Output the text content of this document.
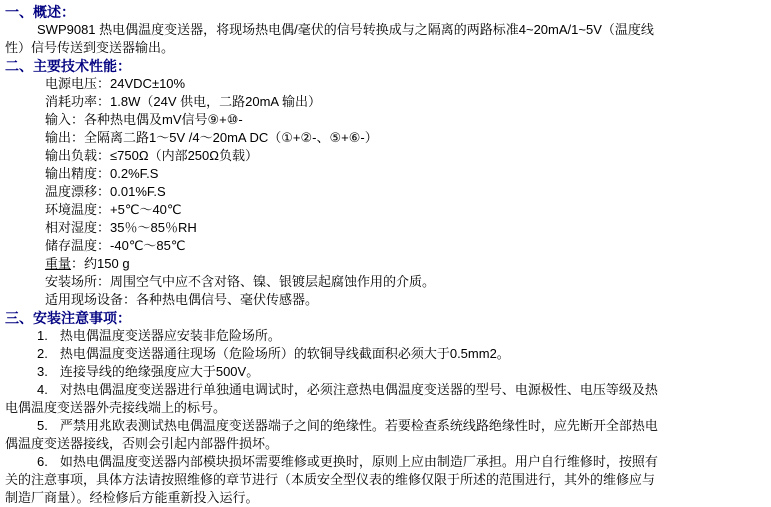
一、概述：

SWP9081 热电偶温度变送器，将现场热电偶/毫伏的信号转换成与之隔离的两路标准4~20mA/1~5V（温度线性）信号传送到变送器输出。

二、主要技术性能：
电源电压：24VDC±10%
消耗功率：1.8W（24V 供电，二路20mA 输出）
输入：各种热电偶及mV信号⑨+⑩-
输出：全隔离二路1～5V /4～20mA DC（①+②-、⑤+⑥-）
输出负载：≤750Ω（内部250Ω负载）
输出精度：0.2%F.S
温度漂移：0.01%F.S
环境温度：+5℃～40℃
相对湿度：35％～85％RH
储存温度：-40℃～85℃
重量：约150 g
安装场所：周围空气中应不含对铬、镍、银镀层起腐蚀作用的介质。
适用现场设备：各种热电偶信号、毫伏传感器。
三、安装注意事项：

1. 热电偶温度变送器应安装非危险场所。

2. 热电偶温度变送器通往现场（危险场所）的软铜导线截面积必须大于0.5mm2。

3. 连接导线的绝缘强度应大于500V。

4. 对热电偶温度变送器进行单独通电调试时，必须注意热电偶温度变送器的型号、电源极性、电压等级及热电偶温度变送器外壳接线端上的标号。

5. 严禁用兆欧表测试热电偶温度变送器端子之间的绝缘性。若要检查系统线路绝缘性时，应先断开全部热电偶温度变送器接线，否则会引起内部器件损坏。

6. 如热电偶温度变送器内部模块损坏需要维修或更换时，原则上应由制造厂承担。用户自行维修时，按照有关的注意事项，具体方法请按照维修的章节进行（本质安全型仪表的维修仅限于所述的范围进行，其外的维修应与制造厂商量）。经检修后方能重新投入运行。
